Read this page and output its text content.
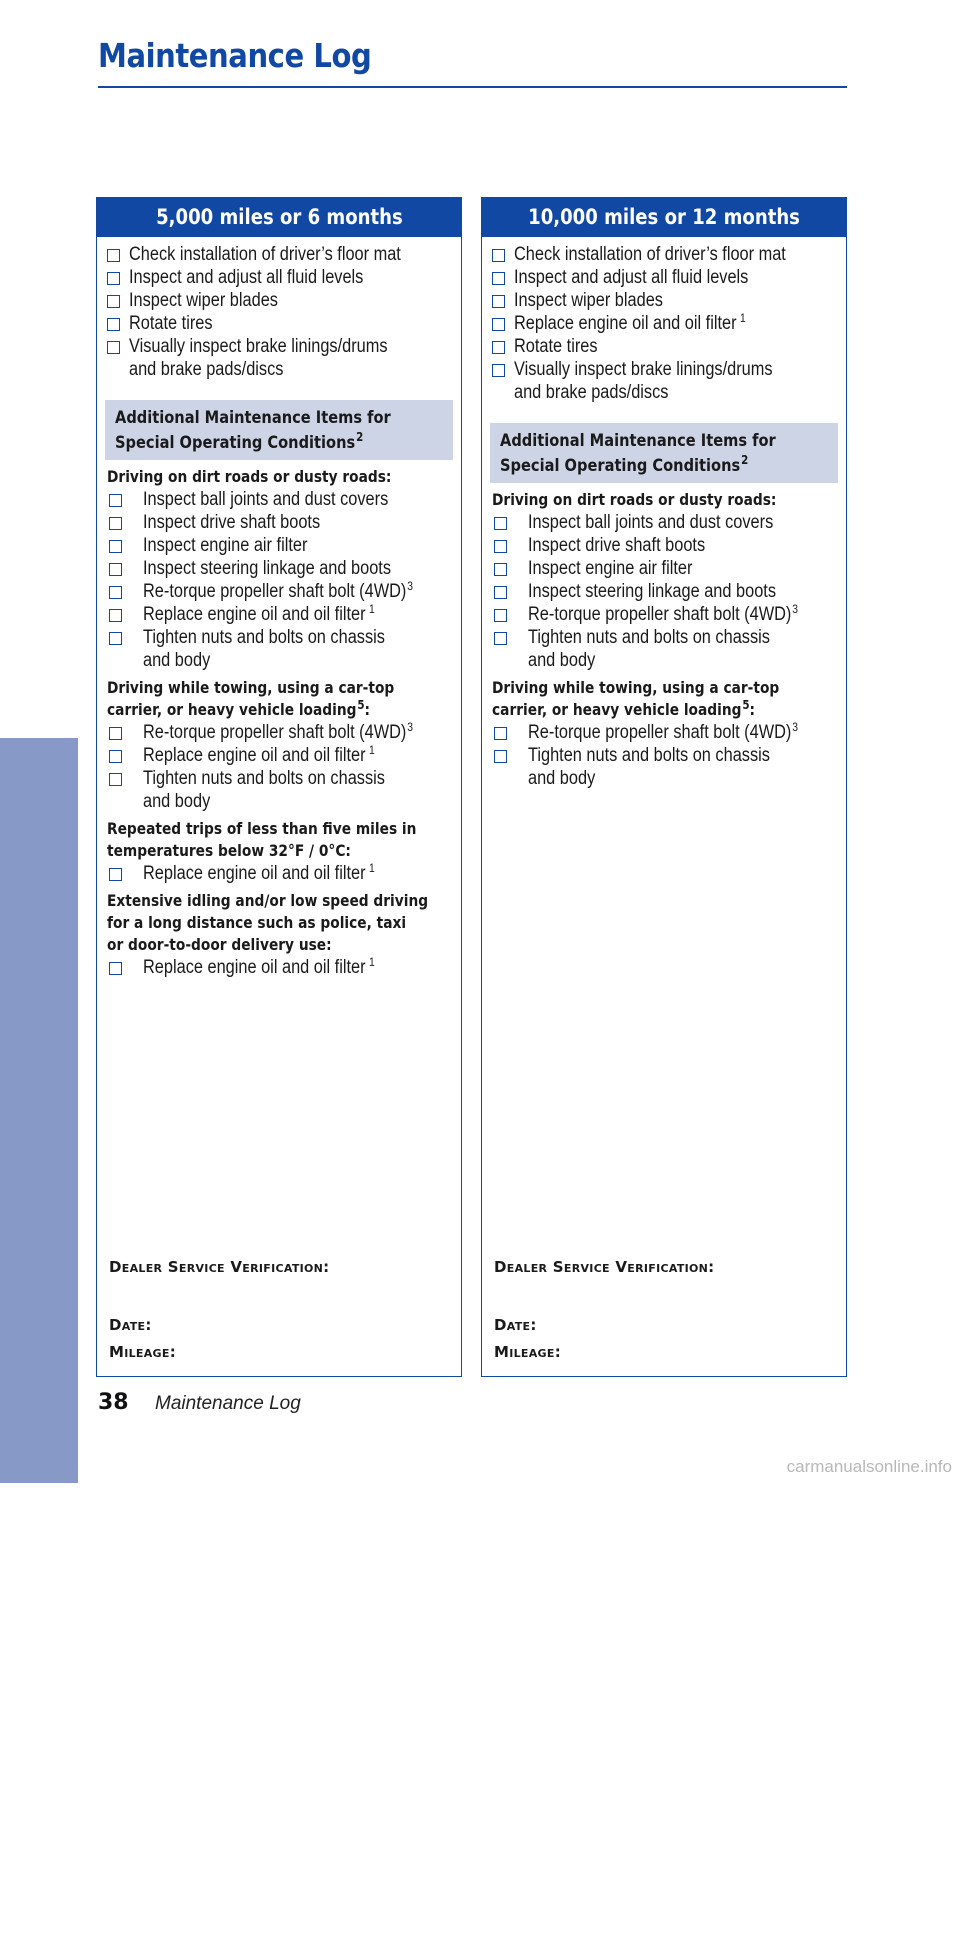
Maintenance Log
MAINTENANCE
5,000 miles or 6 months
Check installation of driver’s floor mat
Inspect and adjust all fluid levels
Inspect wiper blades
Rotate tires
Visually inspect brake linings/drums
and brake pads/discs
Additional Maintenance Items for
Special Operating Conditions$^2$
Driving on dirt roads or dusty roads:
Inspect ball joints and dust covers
Inspect drive shaft boots
Inspect engine air filter
Inspect steering linkage and boots
Re-torque propeller shaft bolt $(4WD)^3$
Replace engine oil and oil filter $^1$
Tighten nuts and bolts on chassis
and body
Driving while towing, using a car-top
carrier, or heavy vehicle loading$^5$:
Re-torque propeller shaft bolt $(4WD)^3$
Replace engine oil and oil filter $^1$
Tighten nuts and bolts on chassis
and body
Repeated trips of less than five miles in
temperatures below 32°F / 0°C:
Replace engine oil and oil filter $^1$
Extensive idling and/or low speed driving
for a long distance such as police, taxi
or door-to-door delivery use:
Replace engine oil and oil filter $^1$
Dealer Service Verification:
Date:
Mileage:
10,000 miles or 12 months
Check installation of driver’s floor mat
Inspect and adjust all fluid levels
Inspect wiper blades
Replace engine oil and oil filter $^1$
Rotate tires
Visually inspect brake linings/drums
and brake pads/discs
Additional Maintenance Items for
Special Operating Conditions$^2$
Driving on dirt roads or dusty roads:
Inspect ball joints and dust covers
Inspect drive shaft boots
Inspect engine air filter
Inspect steering linkage and boots
Re-torque propeller shaft bolt $(4WD)^3$
Tighten nuts and bolts on chassis
and body
Driving while towing, using a car-top
carrier, or heavy vehicle loading$^5$:
Re-torque propeller shaft bolt $(4WD)^3$
Tighten nuts and bolts on chassis
and body
Dealer Service Verification:
Date:
Mileage:
38 Maintenance Log
carmanualsonline.info
